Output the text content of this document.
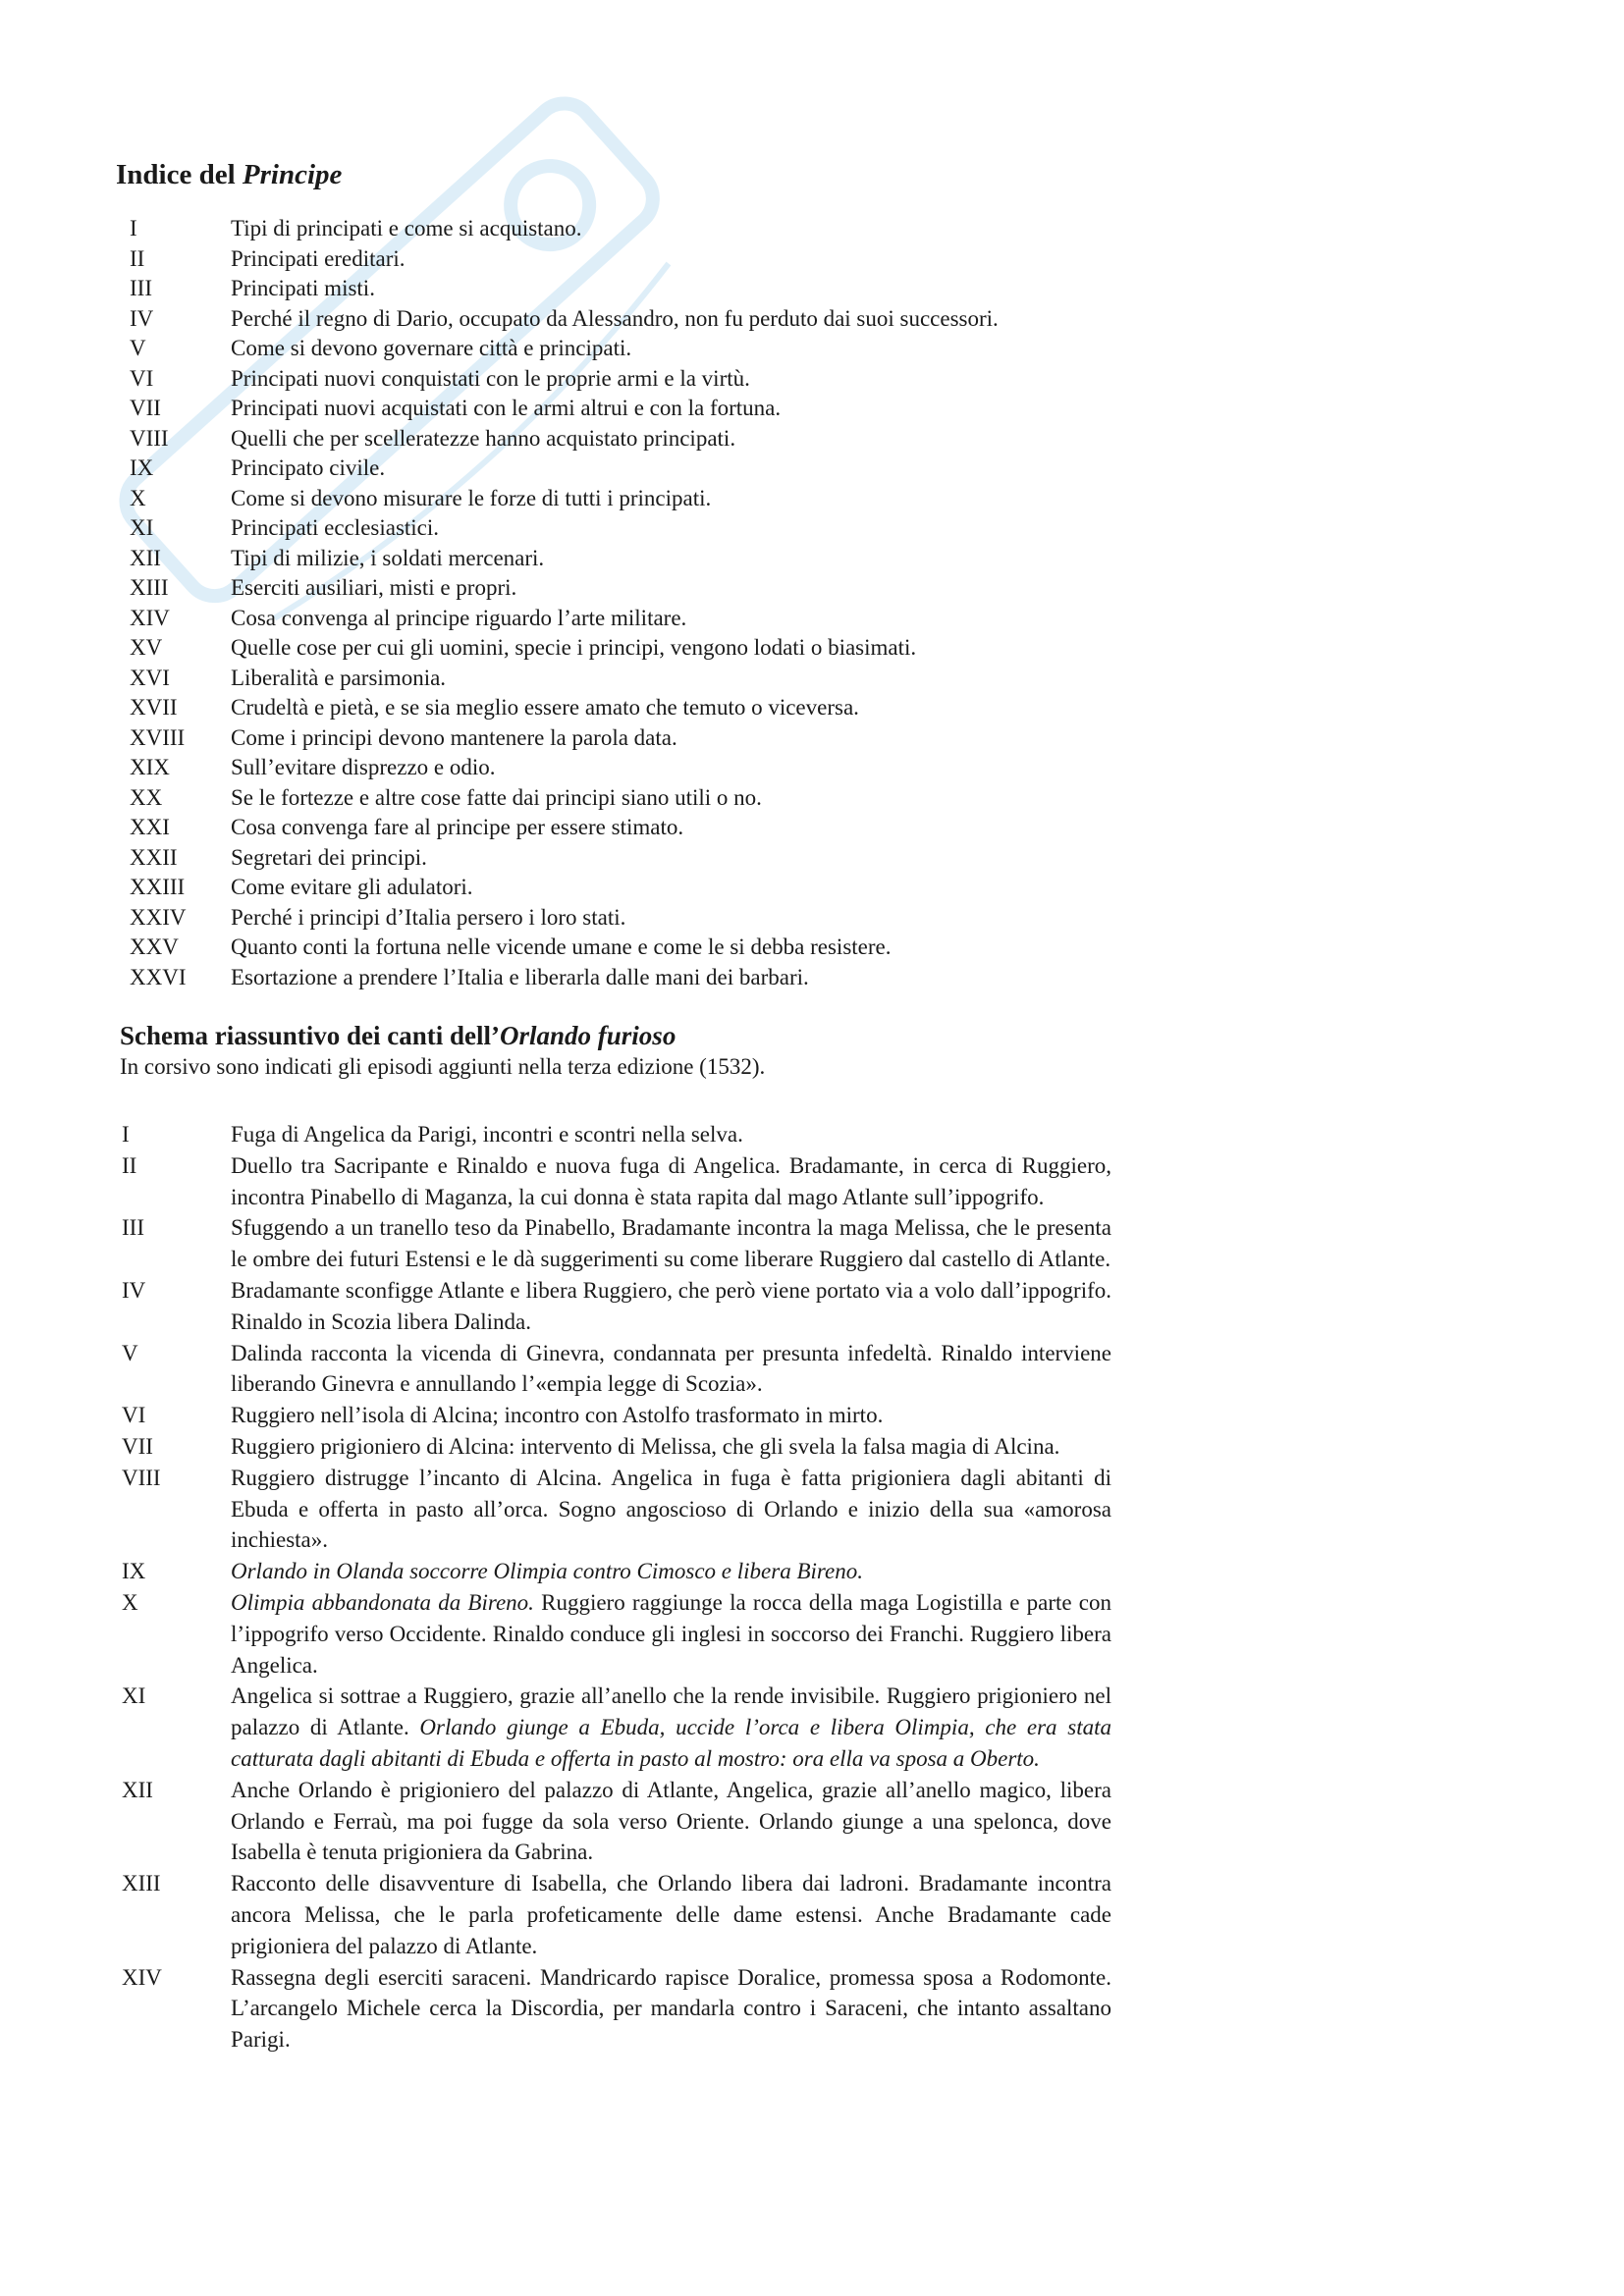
Indice del Principe
I	Tipi di principati e come si acquistano.
II	Principati ereditari.
III	Principati misti.
IV	Perché il regno di Dario, occupato da Alessandro, non fu perduto dai suoi successori.
V	Come si devono governare città e principati.
VI	Principati nuovi conquistati con le proprie armi e la virtù.
VII	Principati nuovi acquistati con le armi altrui e con la fortuna.
VIII	Quelli che per scelleratezze hanno acquistato principati.
IX	Principato civile.
X	Come si devono misurare le forze di tutti i principati.
XI	Principati ecclesiastici.
XII	Tipi di milizie, i soldati mercenari.
XIII	Eserciti ausiliari, misti e propri.
XIV	Cosa convenga al principe riguardo l’arte militare.
XV	Quelle cose per cui gli uomini, specie i principi, vengono lodati o biasimati.
XVI	Liberalità e parsimonia.
XVII	Crudeltà e pietà, e se sia meglio essere amato che temuto o viceversa.
XVIII	Come i principi devono mantenere la parola data.
XIX	Sull’evitare disprezzo e odio.
XX	Se le fortezze e altre cose fatte dai principi siano utili o no.
XXI	Cosa convenga fare al principe per essere stimato.
XXII	Segretari dei principi.
XXIII	Come evitare gli adulatori.
XXIV	Perché i principi d’Italia persero i loro stati.
XXV	Quanto conti la fortuna nelle vicende umane e come le si debba resistere.
XXVI	Esortazione a prendere l’Italia e liberarla dalle mani dei barbari.
Schema riassuntivo dei canti dell’Orlando furioso
In corsivo sono indicati gli episodi aggiunti nella terza edizione (1532).
I	Fuga di Angelica da Parigi, incontri e scontri nella selva.
II	Duello tra Sacripante e Rinaldo e nuova fuga di Angelica. Bradamante, in cerca di Ruggiero, incontra Pinabello di Maganza, la cui donna è stata rapita dal mago Atlante sull’ippogrifo.
III	Sfuggendo a un tranello teso da Pinabello, Bradamante incontra la maga Melissa, che le presenta le ombre dei futuri Estensi e le dà suggerimenti su come liberare Ruggiero dal castello di Atlante.
IV	Bradamante sconfigge Atlante e libera Ruggiero, che però viene portato via a volo dall’ippogrifo. Rinaldo in Scozia libera Dalinda.
V	Dalinda racconta la vicenda di Ginevra, condannata per presunta infedeltà. Rinaldo interviene liberando Ginevra e annullando l’«empia legge di Scozia».
VI	Ruggiero nell’isola di Alcina; incontro con Astolfo trasformato in mirto.
VII	Ruggiero prigioniero di Alcina: intervento di Melissa, che gli svela la falsa magia di Alcina.
VIII	Ruggiero distrugge l’incanto di Alcina. Angelica in fuga è fatta prigioniera dagli abitanti di Ebuda e offerta in pasto all’orca. Sogno angoscioso di Orlando e inizio della sua «amorosa inchiesta».
IX	Orlando in Olanda soccorre Olimpia contro Cimosco e libera Bireno.
X	Olimpia abbandonata da Bireno. Ruggiero raggiunge la rocca della maga Logistilla e parte con l’ippogrifo verso Occidente. Rinaldo conduce gli inglesi in soccorso dei Franchi. Ruggiero libera Angelica.
XI	Angelica si sottrae a Ruggiero, grazie all’anello che la rende invisibile. Ruggiero prigioniero nel palazzo di Atlante. Orlando giunge a Ebuda, uccide l’orca e libera Olimpia, che era stata catturata dagli abitanti di Ebuda e offerta in pasto al mostro: ora ella va sposa a Oberto.
XII	Anche Orlando è prigioniero del palazzo di Atlante, Angelica, grazie all’anello magico, libera Orlando e Ferraù, ma poi fugge da sola verso Oriente. Orlando giunge a una spelonca, dove Isabella è tenuta prigioniera da Gabrina.
XIII	Racconto delle disavventure di Isabella, che Orlando libera dai ladroni. Bradamante incontra ancora Melissa, che le parla profeticamente delle dame estensi. Anche Bradamante cade prigioniera del palazzo di Atlante.
XIV	Rassegna degli eserciti saraceni. Mandricardo rapisce Doralice, promessa sposa a Rodomonte. L’arcangelo Michele cerca la Discordia, per mandarla contro i Saraceni, che intanto assaltano Parigi.
